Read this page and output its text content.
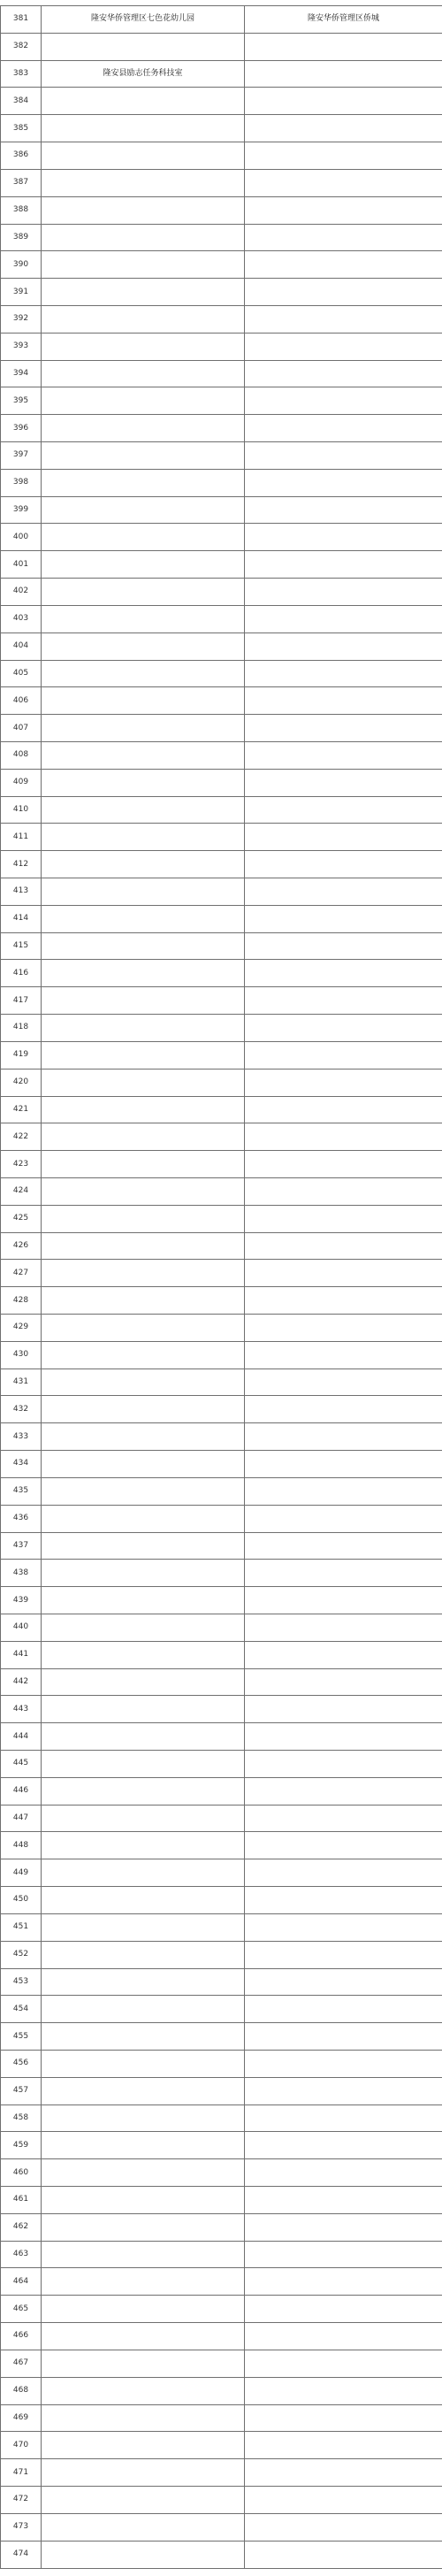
381	隆安华侨管理区七色花幼儿园	隆安华侨管理区侨城
382		
383	隆安县励志任务科技室	
384		
385		
386		
387		
388		
389		
390		
391		
392		
393		
394		
395		
396		
397		
398		
399		
400		
401		
402		
403		
404		
405		
406		
407		
408		
409		
410		
411		
412		
413		
414		
415		
416		
417		
418		
419		
420		
421		
422		
423		
424		
425		
426		
427		
428		
429		
430		
431		
432		
433		
434		
435		
436		
437		
438		
439		
440		
441		
442		
443		
444		
445		
446		
447		
448		
449		
450		
451		
452		
453		
454		
455		
456		
457		
458		
459		
460		
461		
462		
463		
464		
465		
466		
467		
468		
469		
470		
471		
472		
473		
474		
